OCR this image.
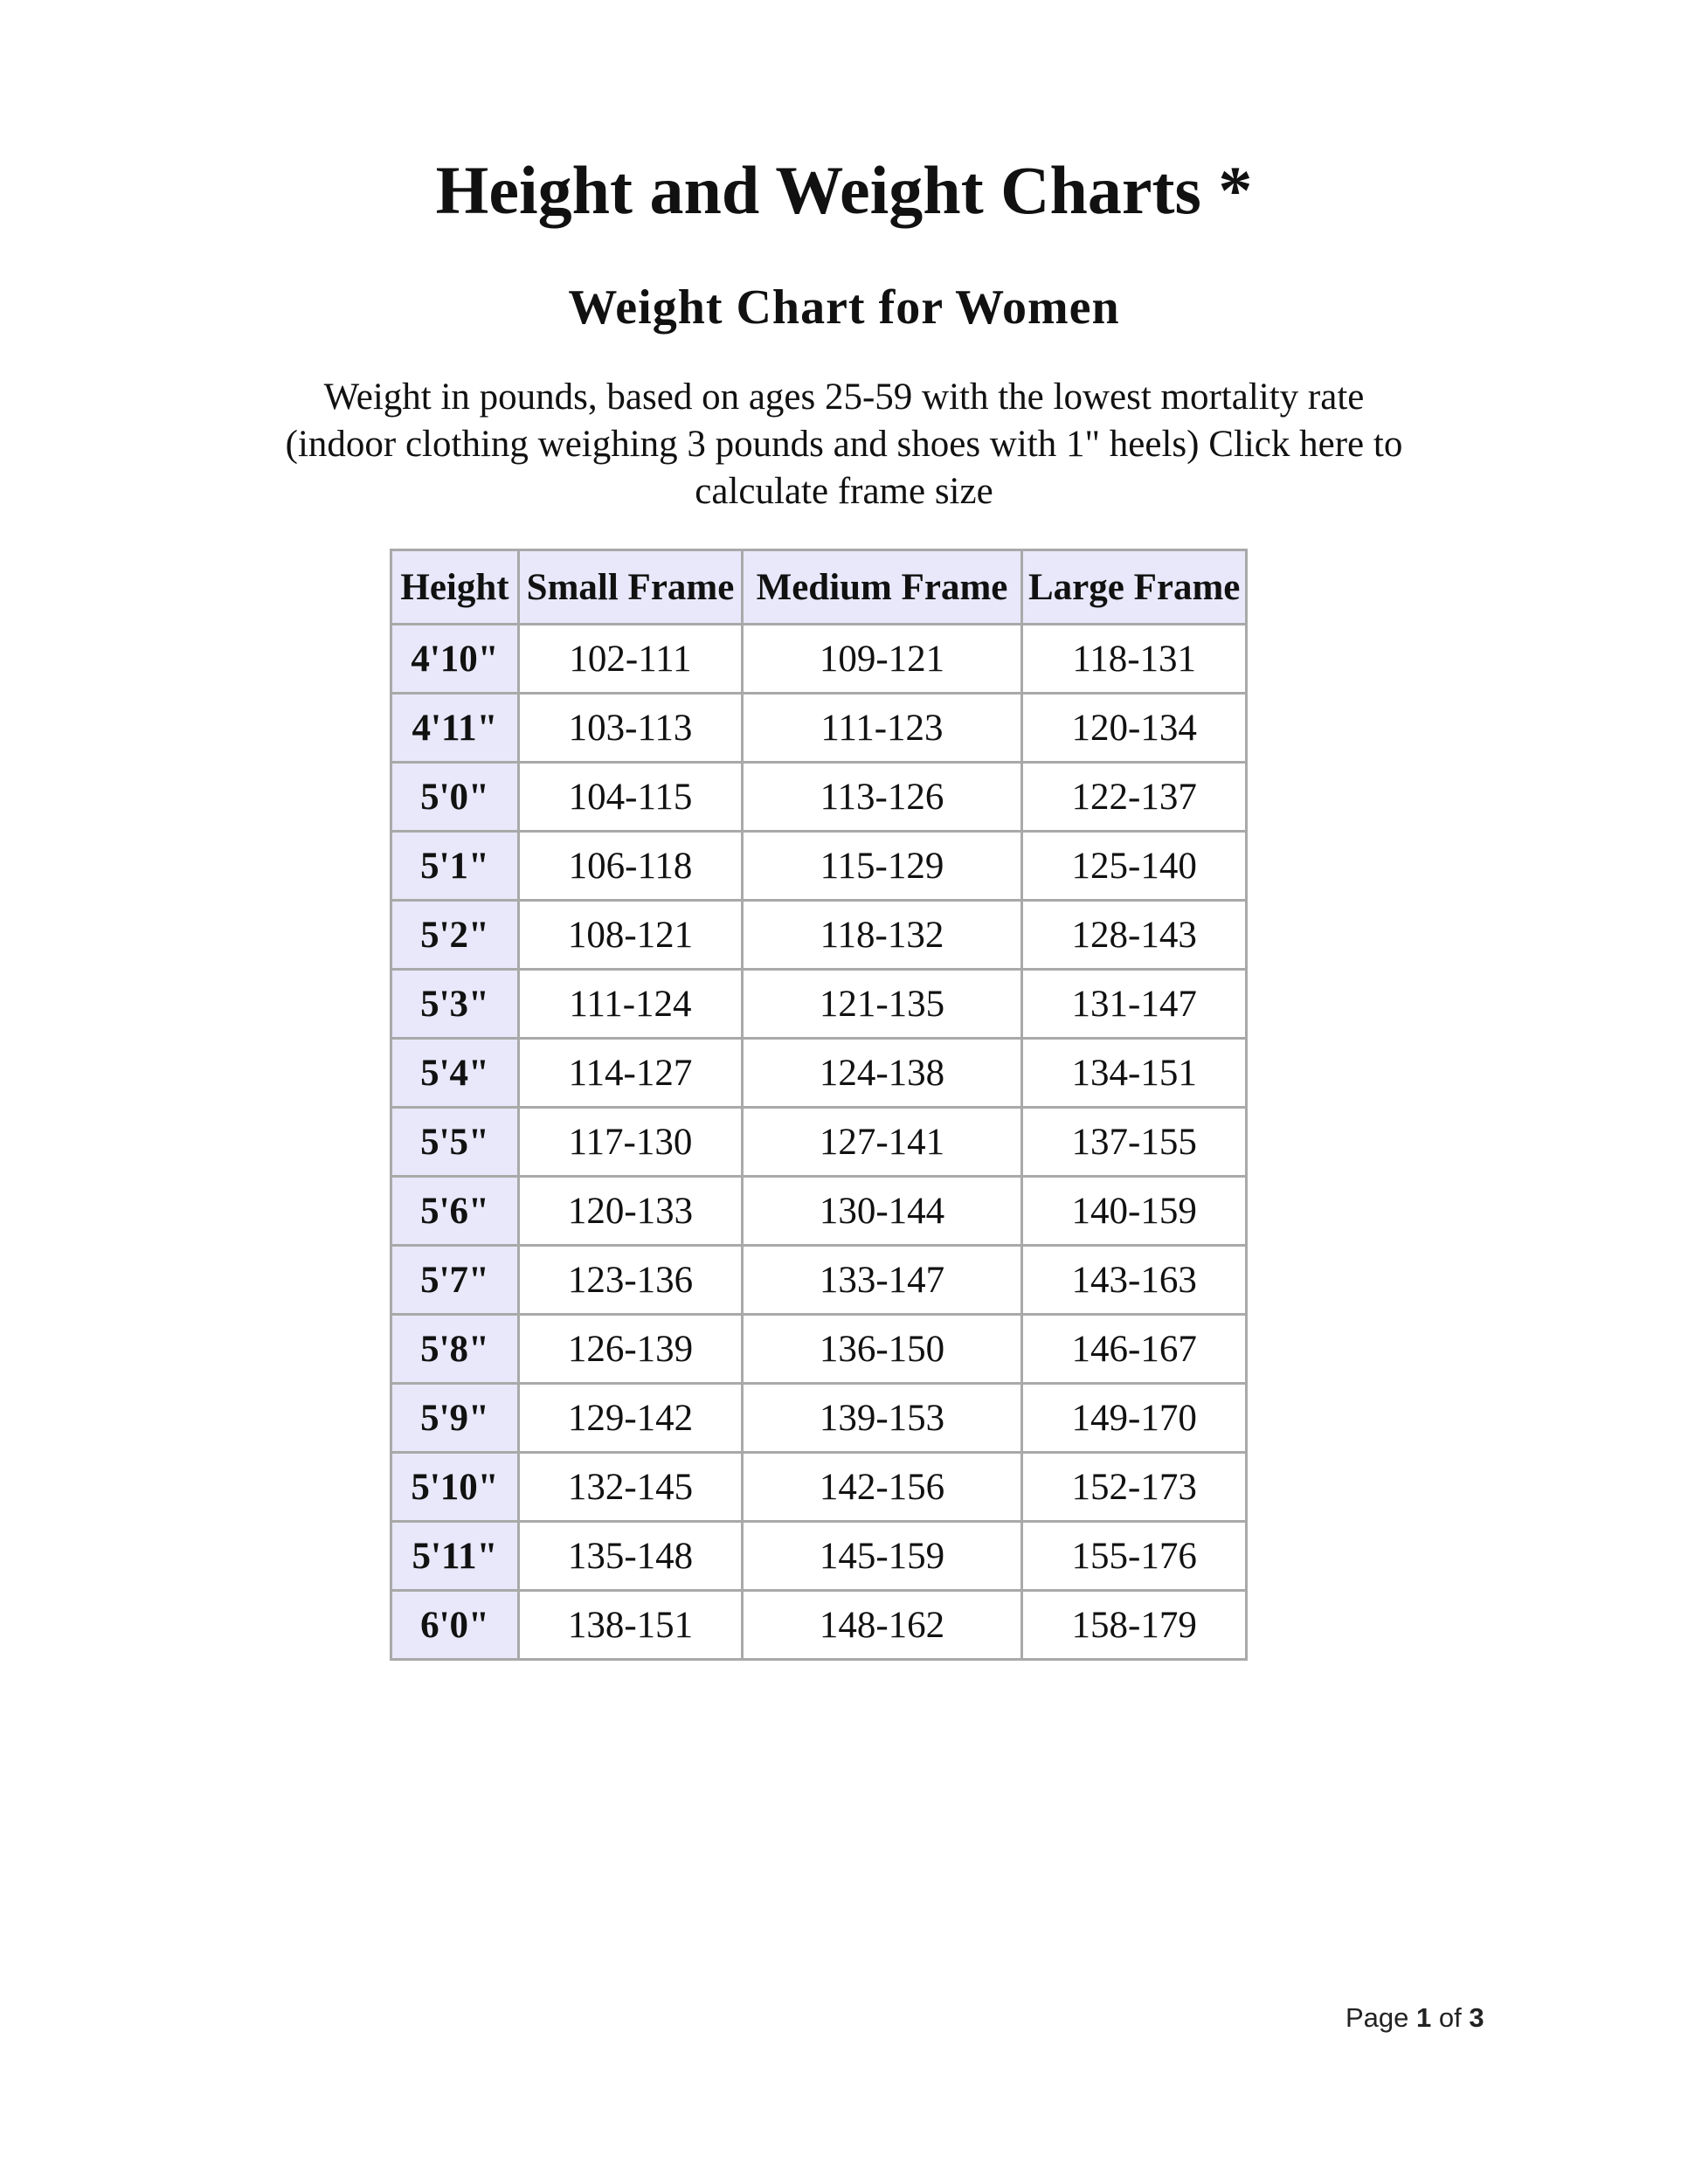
Height and Weight Charts *
Weight Chart for Women

Weight in pounds, based on ages 25-59 with the lowest mortality rate (indoor clothing weighing 3 pounds and shoes with 1" heels) Click here to calculate frame size

Height	Small Frame	Medium Frame	Large Frame
4'10"	102-111	109-121	118-131
4'11"	103-113	111-123	120-134
5'0"	104-115	113-126	122-137
5'1"	106-118	115-129	125-140
5'2"	108-121	118-132	128-143
5'3"	111-124	121-135	131-147
5'4"	114-127	124-138	134-151
5'5"	117-130	127-141	137-155
5'6"	120-133	130-144	140-159
5'7"	123-136	133-147	143-163
5'8"	126-139	136-150	146-167
5'9"	129-142	139-153	149-170
5'10"	132-145	142-156	152-173
5'11"	135-148	145-159	155-176
6'0"	138-151	148-162	158-179
Page 1 of 3
